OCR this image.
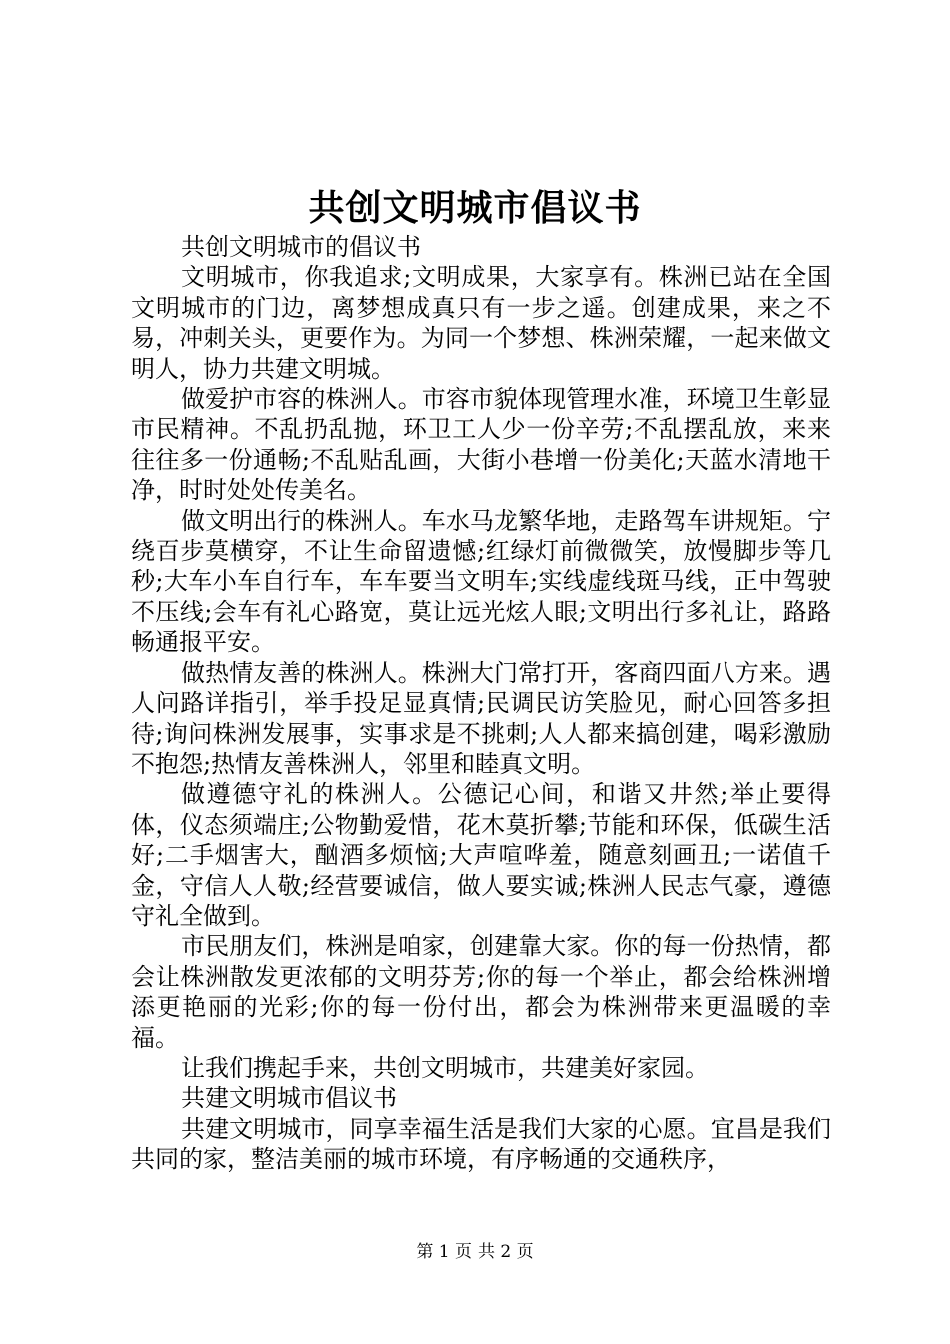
共创文明城市倡议书

共创文明城市的倡议书

文明城市，你我追求;文明成果，大家享有。株洲已站在全国文明城市的门边，离梦想成真只有一步之遥。创建成果，来之不易，冲刺关头，更要作为。为同一个梦想、株洲荣耀，一起来做文明人，协力共建文明城。

做爱护市容的株洲人。市容市貌体现管理水准，环境卫生彰显市民精神。不乱扔乱抛，环卫工人少一份辛劳;不乱摆乱放，来来往往多一份通畅;不乱贴乱画，大街小巷增一份美化;天蓝水清地干净，时时处处传美名。

做文明出行的株洲人。车水马龙繁华地，走路驾车讲规矩。宁绕百步莫横穿，不让生命留遗憾;红绿灯前微微笑，放慢脚步等几秒;大车小车自行车，车车要当文明车;实线虚线斑马线，正中驾驶不压线;会车有礼心路宽，莫让远光炫人眼;文明出行多礼让，路路畅通报平安。

做热情友善的株洲人。株洲大门常打开，客商四面八方来。遇人问路详指引，举手投足显真情;民调民访笑脸见，耐心回答多担待;询问株洲发展事，实事求是不挑刺;人人都来搞创建，喝彩激励不抱怨;热情友善株洲人，邻里和睦真文明。

做遵德守礼的株洲人。公德记心间，和谐又井然;举止要得体，仪态须端庄;公物勤爱惜，花木莫折攀;节能和环保，低碳生活好;二手烟害大，酗酒多烦恼;大声喧哗羞，随意刻画丑;一诺值千金，守信人人敬;经营要诚信，做人要实诚;株洲人民志气豪，遵德守礼全做到。

市民朋友们，株洲是咱家，创建靠大家。你的每一份热情，都会让株洲散发更浓郁的文明芬芳;你的每一个举止，都会给株洲增添更艳丽的光彩;你的每一份付出，都会为株洲带来更温暖的幸福。

让我们携起手来，共创文明城市，共建美好家园。

共建文明城市倡议书

共建文明城市，同享幸福生活是我们大家的心愿。宜昌是我们共同的家，整洁美丽的城市环境，有序畅通的交通秩序，

第 1 页 共 2 页
